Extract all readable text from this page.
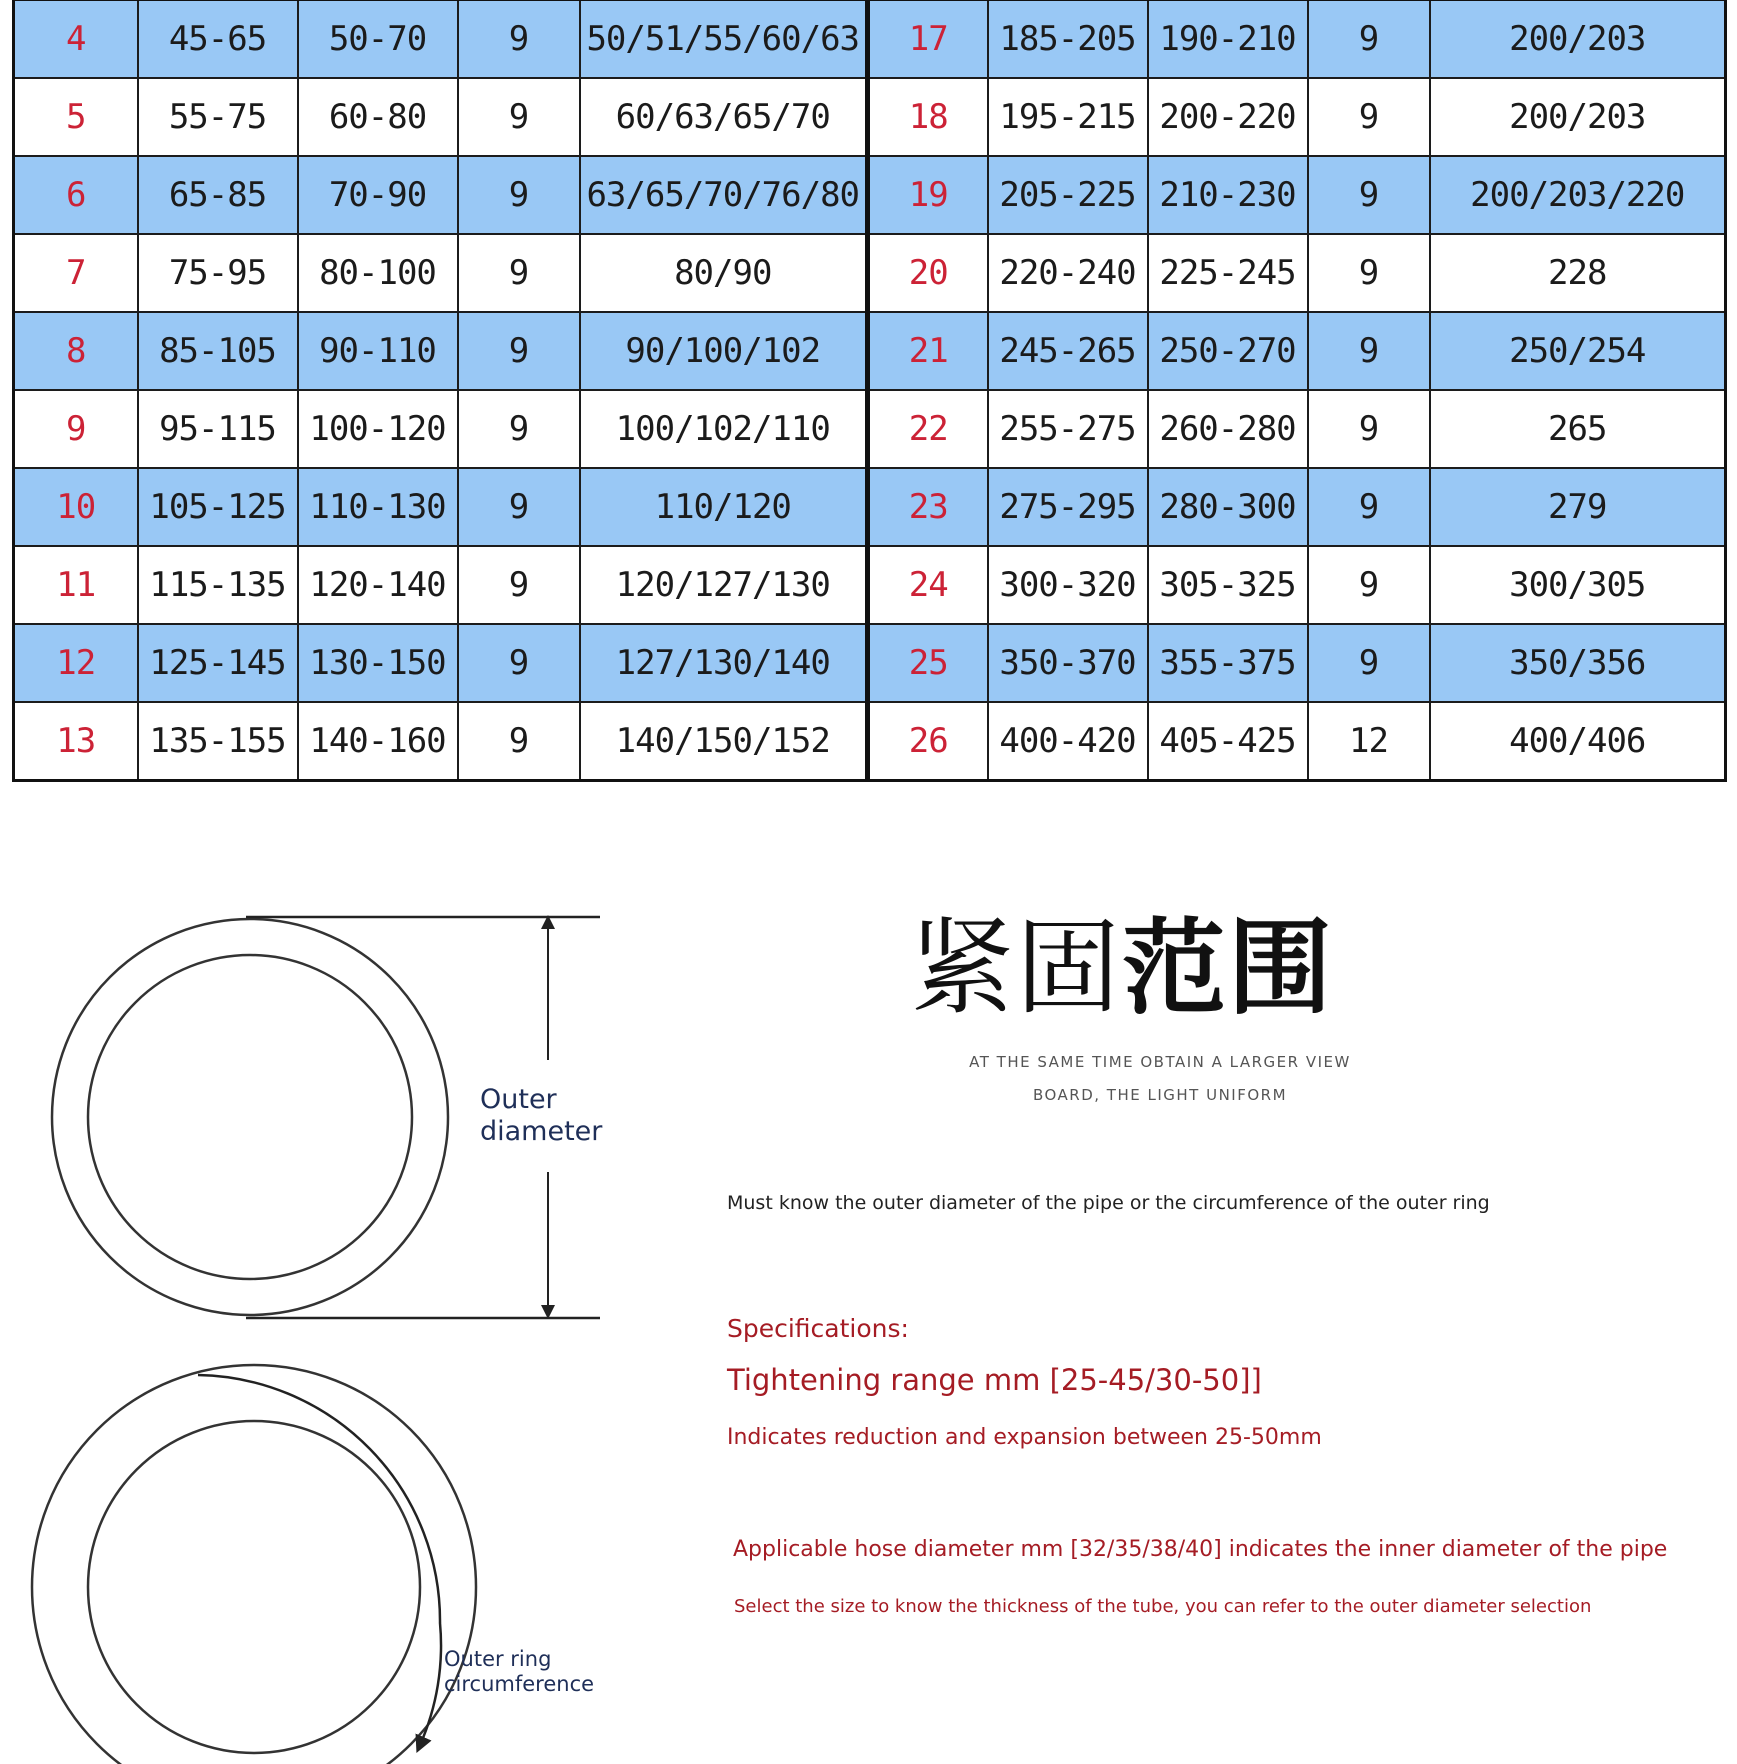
4	45-65	50-70	9	50/51/55/60/63	17	185-205	190-210	9	200/203
5	55-75	60-80	9	60/63/65/70	18	195-215	200-220	9	200/203
6	65-85	70-90	9	63/65/70/76/80	19	205-225	210-230	9	200/203/220
7	75-95	80-100	9	80/90	20	220-240	225-245	9	228
8	85-105	90-110	9	90/100/102	21	245-265	250-270	9	250/254
9	95-115	100-120	9	100/102/110	22	255-275	260-280	9	265
10	105-125	110-130	9	110/120	23	275-295	280-300	9	279
11	115-135	120-140	9	120/127/130	24	300-320	305-325	9	300/305
12	125-145	130-150	9	127/130/140	25	350-370	355-375	9	350/356
13	135-155	140-160	9	140/150/152	26	400-420	405-425	12	400/406
Outer
diameter
Outer ring
circumference
紧固范围
AT THE SAME TIME OBTAIN A LARGER VIEW
BOARD, THE LIGHT UNIFORM
Must know the outer diameter of the pipe or the circumference of the outer ring
Specifications:
Tightening range mm [25-45/30-50]]
Indicates reduction and expansion between 25-50mm
Applicable hose diameter mm [32/35/38/40] indicates the inner diameter of the pipe
Select the size to know the thickness of the tube, you can refer to the outer diameter selection
